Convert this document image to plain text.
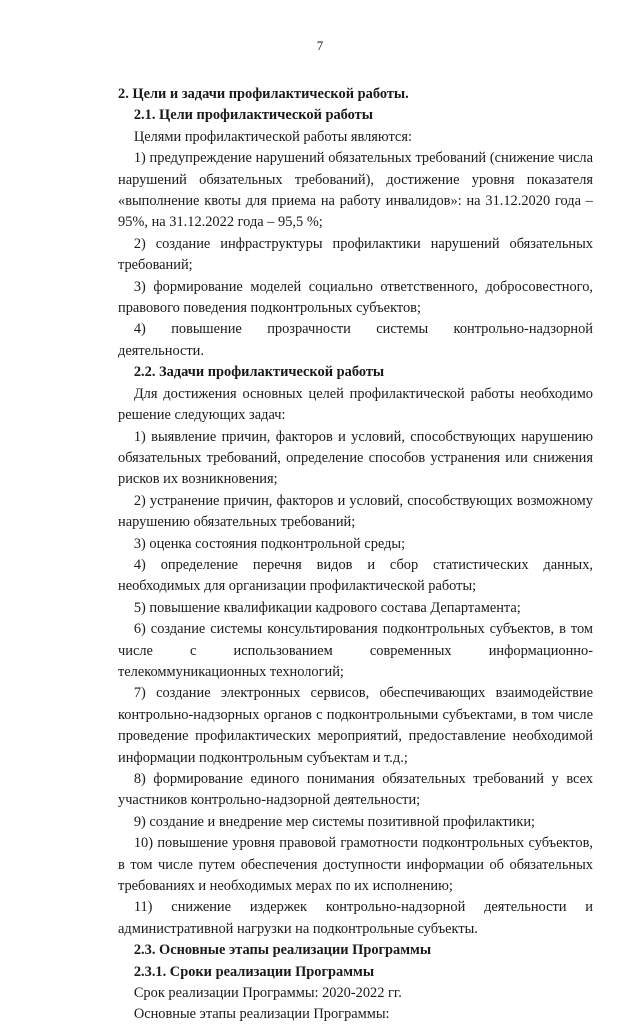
7
2. Цели и задачи профилактической работы.
2.1. Цели профилактической работы

Целями профилактической работы являются:

1) предупреждение нарушений обязательных требований (снижение числа нарушений обязательных требований), достижение уровня показателя «выполнение квоты для приема на работу инвалидов»: на 31.12.2020 года – 95%, на 31.12.2022 года – 95,5 %;

2) создание инфраструктуры профилактики нарушений обязательных требований;

3) формирование моделей социально ответственного, добросовестного, правового поведения подконтрольных субъектов;

4) повышение прозрачности системы контрольно-надзорной деятельности.

2.2. Задачи профилактической работы

Для достижения основных целей профилактической работы необходимо решение следующих задач:

1) выявление причин, факторов и условий, способствующих нарушению обязательных требований, определение способов устранения или снижения рисков их возникновения;

2) устранение причин, факторов и условий, способствующих возможному нарушению обязательных требований;

3) оценка состояния подконтрольной среды;

4) определение перечня видов и сбор статистических данных, необходимых для организации профилактической работы;

5) повышение квалификации кадрового состава Департамента;

6) создание системы консультирования подконтрольных субъектов, в том числе с использованием современных информационно-телекоммуникационных технологий;

7) создание электронных сервисов, обеспечивающих взаимодействие контрольно-надзорных органов с подконтрольными субъектами, в том числе проведение профилактических мероприятий, предоставление необходимой информации подконтрольным субъектам и т.д.;

8) формирование единого понимания обязательных требований у всех участников контрольно-надзорной деятельности;

9) создание и внедрение мер системы позитивной профилактики;

10) повышение уровня правовой грамотности подконтрольных субъектов, в том числе путем обеспечения доступности информации об обязательных требованиях и необходимых мерах по их исполнению;

11) снижение издержек контрольно-надзорной деятельности и административной нагрузки на подконтрольные субъекты.

2.3. Основные этапы реализации Программы
2.3.1. Сроки реализации Программы

Срок реализации Программы: 2020-2022 гг.

Основные этапы реализации Программы:
